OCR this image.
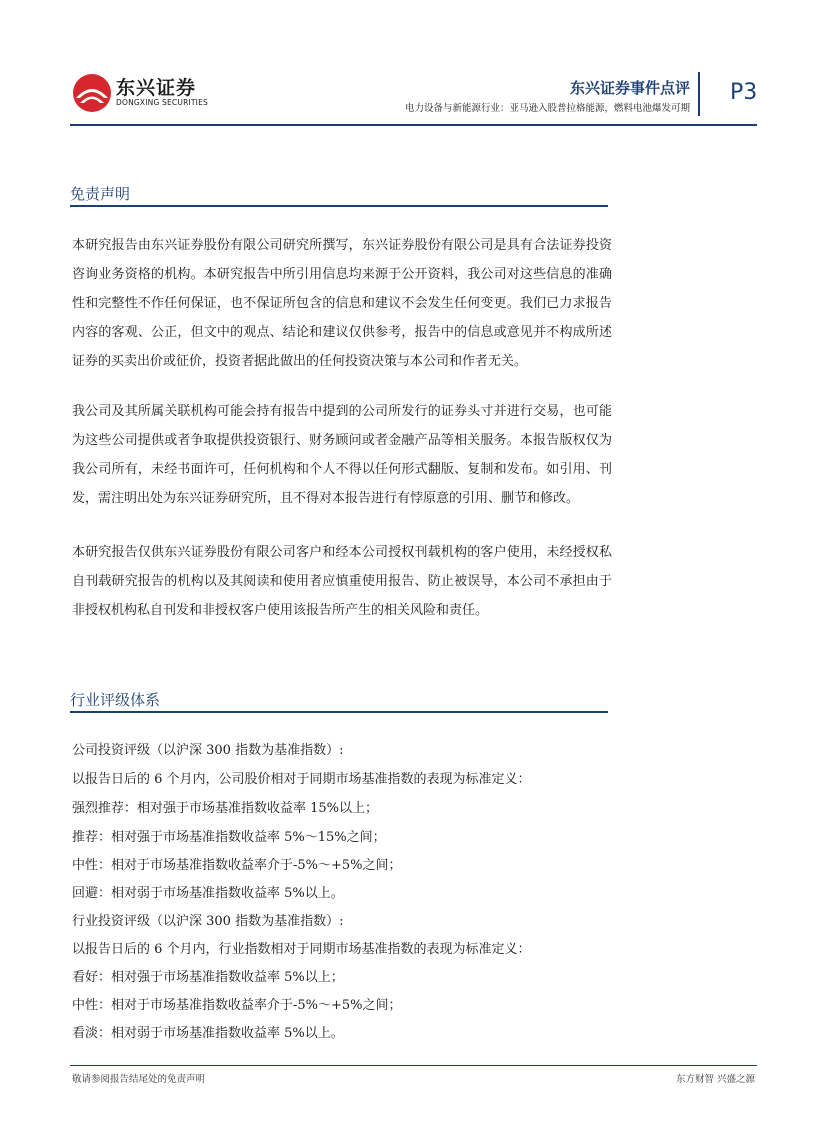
东兴证券
DONGXING SECURITIES
东兴证券事件点评
电力设备与新能源行业：亚马逊入股普拉格能源，燃料电池爆发可期
P3
免责声明
本研究报告由东兴证券股份有限公司研究所撰写，东兴证券股份有限公司是具有合法证券投资咨询业务资格的机构。本研究报告中所引用信息均来源于公开资料，我公司对这些信息的准确性和完整性不作任何保证，也不保证所包含的信息和建议不会发生任何变更。我们已力求报告内容的客观、公正，但文中的观点、结论和建议仅供参考，报告中的信息或意见并不构成所述证券的买卖出价或征价，投资者据此做出的任何投资决策与本公司和作者无关。
我公司及其所属关联机构可能会持有报告中提到的公司所发行的证券头寸并进行交易，也可能为这些公司提供或者争取提供投资银行、财务顾问或者金融产品等相关服务。本报告版权仅为我公司所有，未经书面许可，任何机构和个人不得以任何形式翻版、复制和发布。如引用、刊发，需注明出处为东兴证券研究所，且不得对本报告进行有悖原意的引用、删节和修改。
本研究报告仅供东兴证券股份有限公司客户和经本公司授权刊载机构的客户使用，未经授权私自刊载研究报告的机构以及其阅读和使用者应慎重使用报告、防止被误导，本公司不承担由于非授权机构私自刊发和非授权客户使用该报告所产生的相关风险和责任。
行业评级体系
公司投资评级（以沪深 300 指数为基准指数）:
以报告日后的 6 个月内，公司股价相对于同期市场基准指数的表现为标准定义：
强烈推荐：相对强于市场基准指数收益率 15%以上；
推荐：相对强于市场基准指数收益率 5%～15%之间；
中性：相对于市场基准指数收益率介于-5%～+5%之间；
回避：相对弱于市场基准指数收益率 5%以上。
行业投资评级（以沪深 300 指数为基准指数）:
以报告日后的 6 个月内，行业指数相对于同期市场基准指数的表现为标准定义：
看好：相对强于市场基准指数收益率 5%以上；
中性：相对于市场基准指数收益率介于-5%～+5%之间；
看淡：相对弱于市场基准指数收益率 5%以上。
敬请参阅报告结尾处的免责声明	东方财智 兴盛之源
